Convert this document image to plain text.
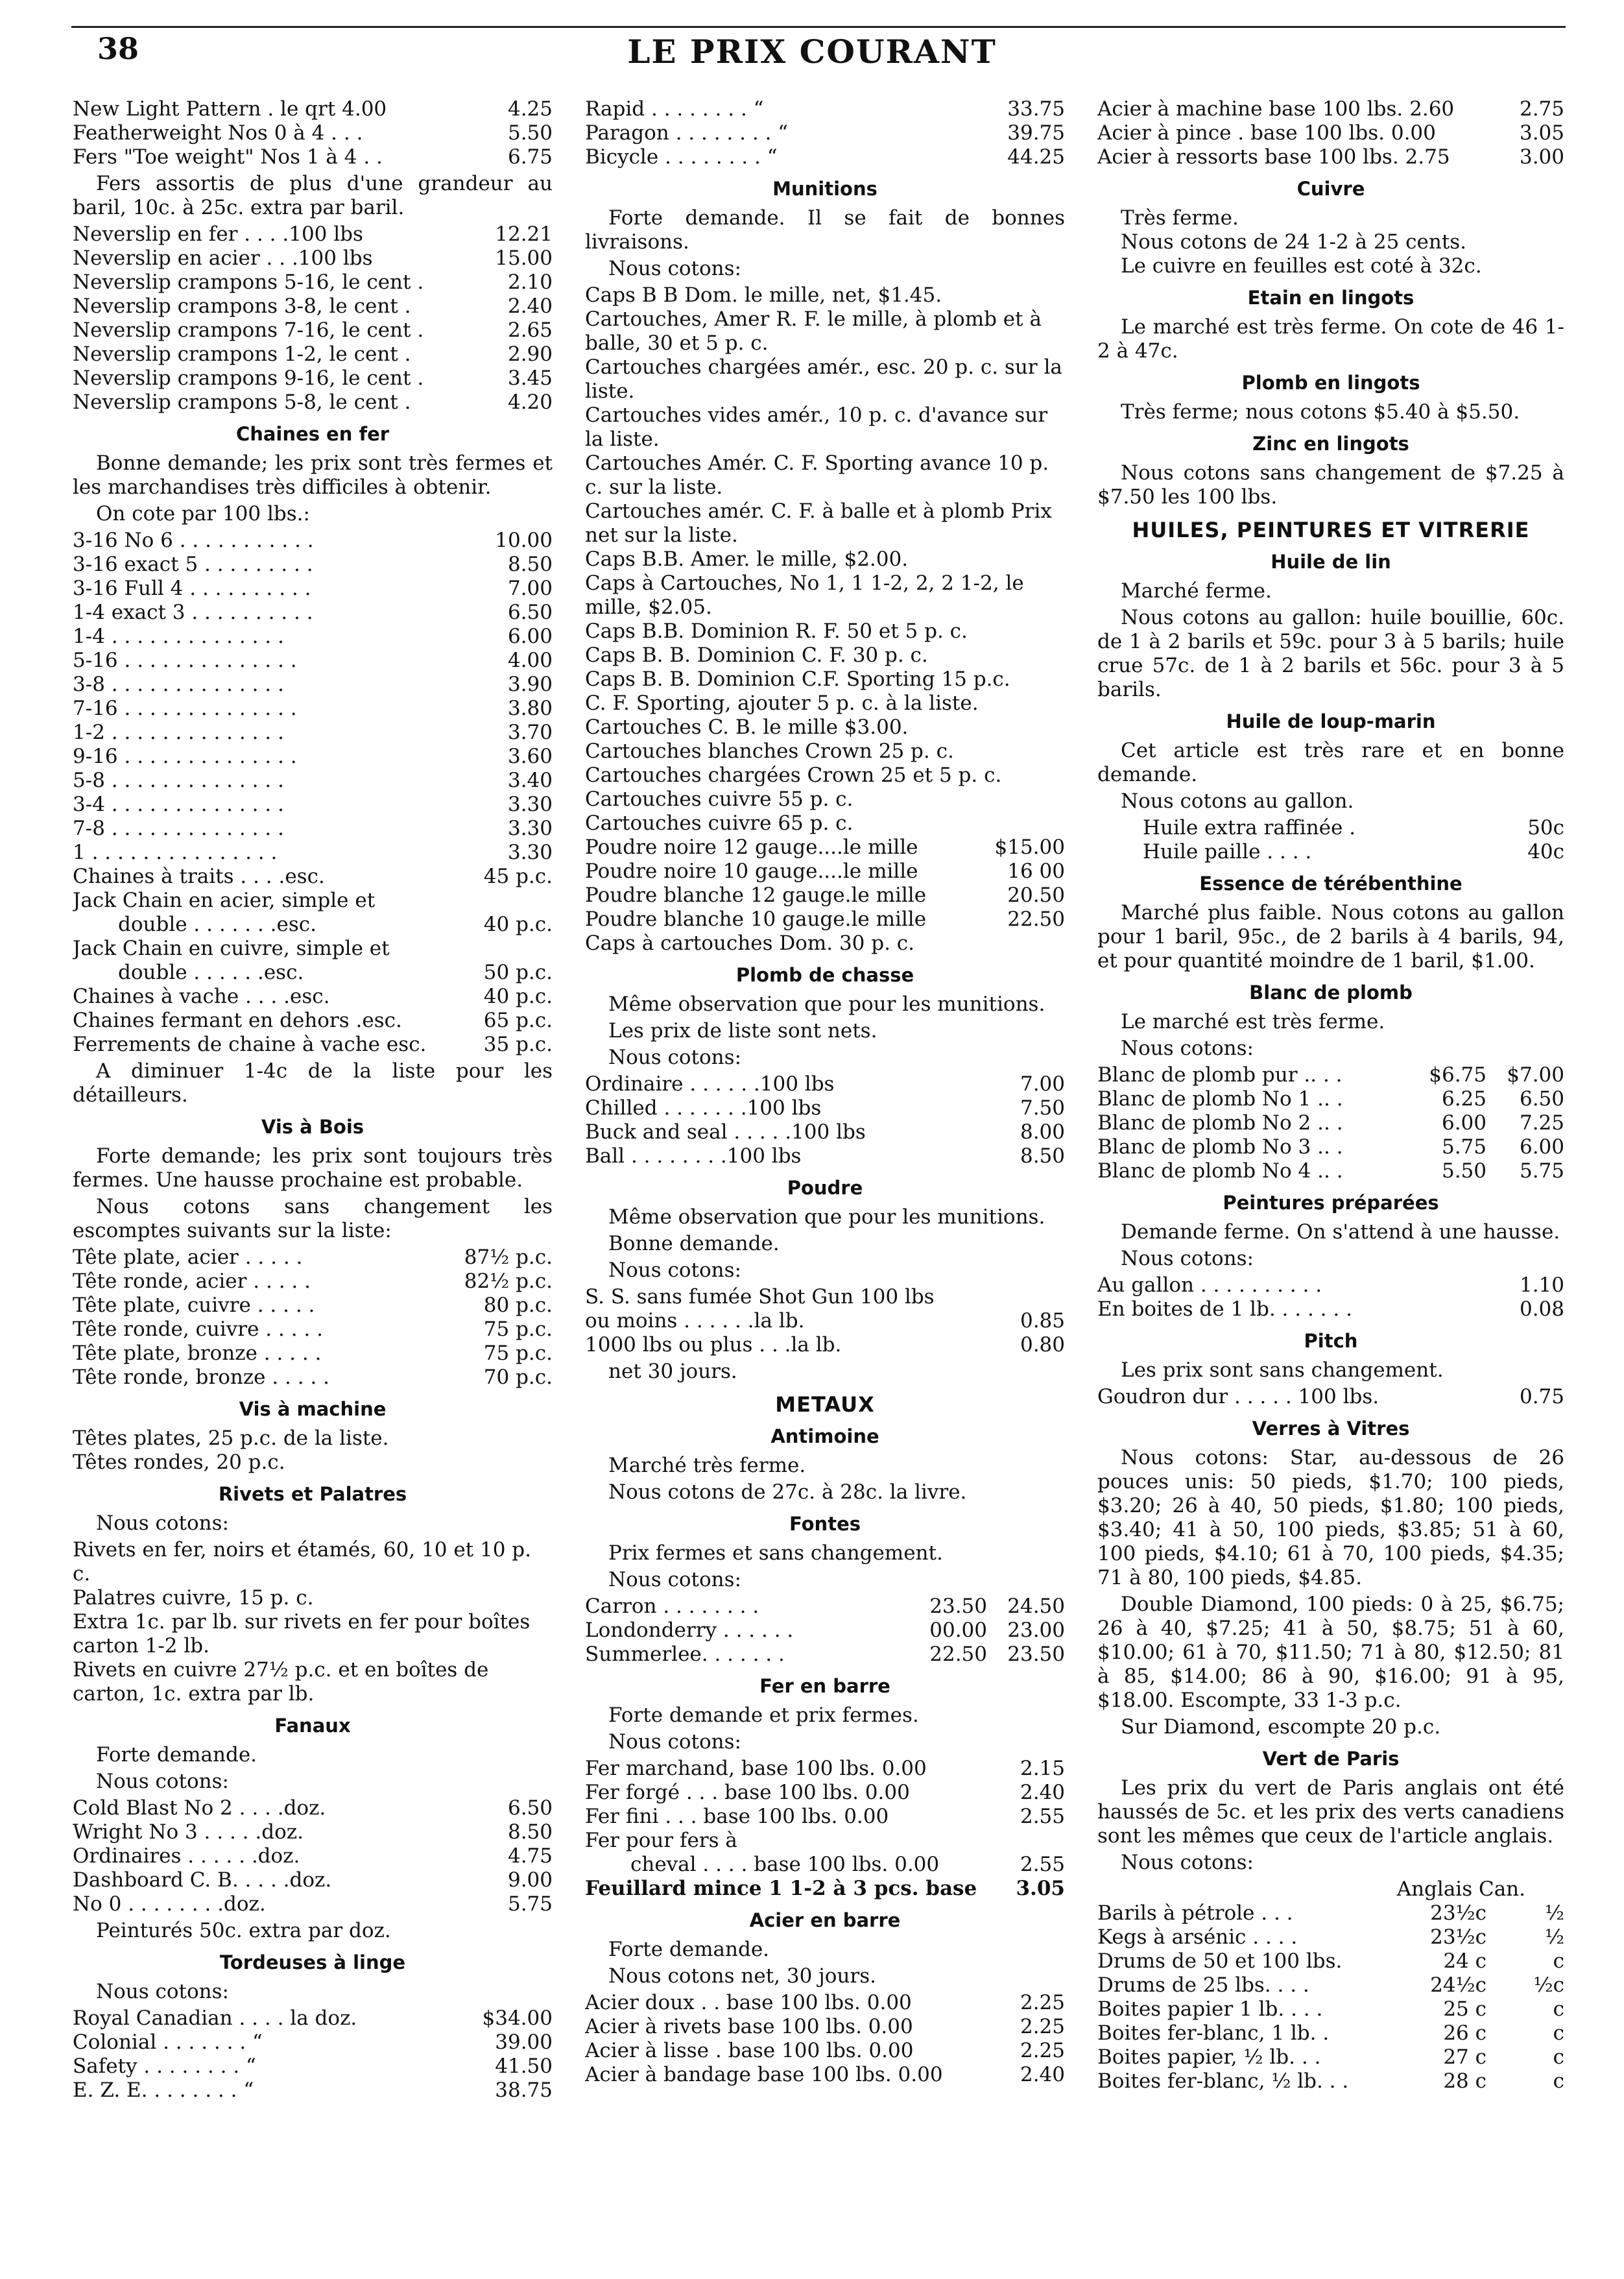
38	LE PRIX COURANT
New Light Pattern . le qrt 4.00	4.25
Featherweight Nos 0 à 4 . . .	5.50
Fers "Toe weight" Nos 1 à 4 . .	6.75
Fers assortis de plus d'une grandeur au baril, 10c. à 25c. extra par baril.
Neverslip en fer . . . .100 lbs	12.21
Neverslip en acier . . .100 lbs	15.00
Neverslip crampons 5-16, le cent .	2.10
Neverslip crampons 3-8, le cent .	2.40
Neverslip crampons 7-16, le cent .	2.65
Neverslip crampons 1-2, le cent .	2.90
Neverslip crampons 9-16, le cent .	3.45
Neverslip crampons 5-8, le cent .	4.20
Chaines en fer
Bonne demande; les prix sont très fermes et les marchandises très difficiles à obtenir.
On cote par 100 lbs.:
3-16 No 6 . . . . . . . . . . .	10.00
3-16 exact 5 . . . . . . . . .	8.50
3-16 Full 4 . . . . . . . . . .	7.00
1-4 exact 3 . . . . . . . . . .	6.50
1-4 . . . . . . . . . . . . . .	6.00
5-16 . . . . . . . . . . . . . .	4.00
3-8 . . . . . . . . . . . . . .	3.90
7-16 . . . . . . . . . . . . . .	3.80
1-2 . . . . . . . . . . . . . .	3.70
9-16 . . . . . . . . . . . . . .	3.60
5-8 . . . . . . . . . . . . . .	3.40
3-4 . . . . . . . . . . . . . .	3.30
7-8 . . . . . . . . . . . . . .	3.30
1 . . . . . . . . . . . . . . .	3.30
Chaines à traits . . . .esc.	45 p.c.
Jack Chain en acier, simple et
double . . . . . . .esc.	40 p.c.
Jack Chain en cuivre, simple et
double . . . . . .esc.	50 p.c.
Chaines à vache . . . .esc.	40 p.c.
Chaines fermant en dehors .esc.	65 p.c.
Ferrements de chaine à vache esc.	35 p.c.
A diminuer 1-4c de la liste pour les détailleurs.
Vis à Bois
Forte demande; les prix sont toujours très fermes. Une hausse prochaine est probable.
Nous cotons sans changement les escomptes suivants sur la liste:
Tête plate, acier . . . . .	87½ p.c.
Tête ronde, acier . . . . .	82½ p.c.
Tête plate, cuivre . . . . .	80 p.c.
Tête ronde, cuivre . . . . .	75 p.c.
Tête plate, bronze . . . . .	75 p.c.
Tête ronde, bronze . . . . .	70 p.c.
Vis à machine
Têtes plates, 25 p.c. de la liste.
Têtes rondes, 20 p.c.
Rivets et Palatres
Nous cotons:
Rivets en fer, noirs et étamés, 60, 10 et 10 p. c.
Palatres cuivre, 15 p. c.
Extra 1c. par lb. sur rivets en fer pour boîtes carton 1-2 lb.
Rivets en cuivre 27½ p.c. et en boîtes de carton, 1c. extra par lb.
Fanaux
Forte demande.
Nous cotons:
Cold Blast No 2 . . . .doz.	6.50
Wright No 3 . . . . .doz.	8.50
Ordinaires . . . . . .doz.	4.75
Dashboard C. B. . . . .doz.	9.00
No 0 . . . . . . . .doz.	5.75
Peinturés 50c. extra par doz.
Tordeuses à linge
Nous cotons:
Royal Canadian . . . . la doz.	$34.00
Colonial . . . . . . . “	39.00
Safety . . . . . . . . “	41.50
E. Z. E. . . . . . . . “	38.75
Rapid . . . . . . . . “	33.75
Paragon . . . . . . . . “	39.75
Bicycle . . . . . . . . “	44.25
Munitions
Forte demande. Il se fait de bonnes livraisons.
Nous cotons:
Caps B B Dom. le mille, net, $1.45.
Cartouches, Amer R. F. le mille, à plomb et à balle, 30 et 5 p. c.
Cartouches chargées amér., esc. 20 p. c. sur la liste.
Cartouches vides amér., 10 p. c. d'avance sur la liste.
Cartouches Amér. C. F. Sporting avance 10 p. c. sur la liste.
Cartouches amér. C. F. à balle et à plomb Prix net sur la liste.
Caps B.B. Amer. le mille, $2.00.
Caps à Cartouches, No 1, 1 1-2, 2, 2 1-2, le mille, $2.05.
Caps B.B. Dominion R. F. 50 et 5 p. c.
Caps B. B. Dominion C. F. 30 p. c.
Caps B. B. Dominion C.F. Sporting 15 p.c.
C. F. Sporting, ajouter 5 p. c. à la liste.
Cartouches C. B. le mille $3.00.
Cartouches blanches Crown 25 p. c.
Cartouches chargées Crown 25 et 5 p. c.
Cartouches cuivre 55 p. c.
Cartouches cuivre 65 p. c.
Poudre noire 12 gauge....le mille	$15.00
Poudre noire 10 gauge....le mille	16 00
Poudre blanche 12 gauge.le mille	20.50
Poudre blanche 10 gauge.le mille	22.50
Caps à cartouches Dom. 30 p. c.
Plomb de chasse
Même observation que pour les munitions.
Les prix de liste sont nets.
Nous cotons:
Ordinaire . . . . . .100 lbs	7.00
Chilled . . . . . . .100 lbs	7.50
Buck and seal . . . . .100 lbs	8.00
Ball . . . . . . . .100 lbs	8.50
Poudre
Même observation que pour les munitions.
Bonne demande.
Nous cotons:
S. S. sans fumée Shot Gun 100 lbs
ou moins . . . . . .la lb.	0.85
1000 lbs ou plus . . .la lb.	0.80
net 30 jours.
METAUX
Antimoine
Marché très ferme.
Nous cotons de 27c. à 28c. la livre.
Fontes
Prix fermes et sans changement.
Nous cotons:
Carron . . . . . . . .	23.50	24.50
Londonderry . . . . . .	00.00	23.00
Summerlee. . . . . . .	22.50	23.50
Fer en barre
Forte demande et prix fermes.
Nous cotons:
Fer marchand, base 100 lbs. 0.00	2.15
Fer forgé . . . base 100 lbs. 0.00	2.40
Fer fini . . . base 100 lbs. 0.00	2.55
Fer pour fers à
cheval . . . . base 100 lbs. 0.00	2.55
Feuillard mince 1 1-2 à 3 pcs. base	3.05
Acier en barre
Forte demande.
Nous cotons net, 30 jours.
Acier doux . . base 100 lbs. 0.00	2.25
Acier à rivets base 100 lbs. 0.00	2.25
Acier à lisse . base 100 lbs. 0.00	2.25
Acier à bandage base 100 lbs. 0.00	2.40
Acier à machine base 100 lbs. 2.60	2.75
Acier à pince . base 100 lbs. 0.00	3.05
Acier à ressorts base 100 lbs. 2.75	3.00
Cuivre
Très ferme.
Nous cotons de 24 1-2 à 25 cents.
Le cuivre en feuilles est coté à 32c.
Etain en lingots
Le marché est très ferme. On cote de 46 1-2 à 47c.
Plomb en lingots
Très ferme; nous cotons $5.40 à $5.50.
Zinc en lingots
Nous cotons sans changement de $7.25 à $7.50 les 100 lbs.
HUILES, PEINTURES ET VITRERIE
Huile de lin
Marché ferme.
Nous cotons au gallon: huile bouillie, 60c. de 1 à 2 barils et 59c. pour 3 à 5 barils; huile crue 57c. de 1 à 2 barils et 56c. pour 3 à 5 barils.
Huile de loup-marin
Cet article est très rare et en bonne demande.
Nous cotons au gallon.
Huile extra raffinée .	50c
Huile paille . . . .	40c
Essence de térébenthine
Marché plus faible. Nous cotons au gallon pour 1 baril, 95c., de 2 barils à 4 barils, 94, et pour quantité moindre de 1 baril, $1.00.
Blanc de plomb
Le marché est très ferme.
Nous cotons:
Blanc de plomb pur .. . .	$6.75	$7.00
Blanc de plomb No 1 .. .	6.25	6.50
Blanc de plomb No 2 .. .	6.00	7.25
Blanc de plomb No 3 .. .	5.75	6.00
Blanc de plomb No 4 .. .	5.50	5.75
Peintures préparées
Demande ferme. On s'attend à une hausse.
Nous cotons:
Au gallon . . . . . . . . . .	1.10
En boites de 1 lb. . . . . . .	0.08
Pitch
Les prix sont sans changement.
Goudron dur . . . . . 100 lbs.	0.75
Verres à Vitres
Nous cotons: Star, au-dessous de 26 pouces unis: 50 pieds, $1.70; 100 pieds, $3.20; 26 à 40, 50 pieds, $1.80; 100 pieds, $3.40; 41 à 50, 100 pieds, $3.85; 51 à 60, 100 pieds, $4.10; 61 à 70, 100 pieds, $4.35; 71 à 80, 100 pieds, $4.85.
Double Diamond, 100 pieds: 0 à 25, $6.75; 26 à 40, $7.25; 41 à 50, $8.75; 51 à 60, $10.00; 61 à 70, $11.50; 71 à 80, $12.50; 81 à 85, $14.00; 86 à 90, $16.00; 91 à 95, $18.00. Escompte, 33 1-3 p.c.
Sur Diamond, escompte 20 p.c.
Vert de Paris
Les prix du vert de Paris anglais ont été haussés de 5c. et les prix des verts canadiens sont les mêmes que ceux de l'article anglais.
Nous cotons:
Anglais Can.
Barils à pétrole . . .	23½c	½
Kegs à arsénic . . . .	23½c	½
Drums de 50 et 100 lbs.	24 c	c
Drums de 25 lbs. . . .	24½c	½c
Boites papier 1 lb. . . .	25 c	c
Boites fer-blanc, 1 lb. .	26 c	c
Boites papier, ½ lb. . .	27 c	c
Boites fer-blanc, ½ lb. . .	28 c	c
